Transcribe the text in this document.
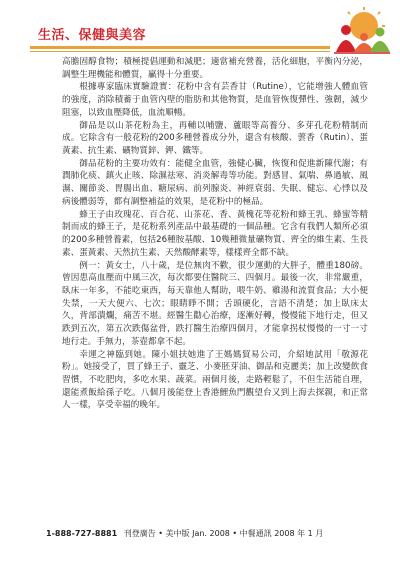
生活、保健與美容

高膽固醇食物；積極提倡運動和減肥；適當補充營養，活化細胞，平衡內分泌，調整生理機能和體質，贏得十分重要。

根據專家臨床實驗證實：花粉中含有芸香甘（Rutine），它能增強人體血管的強度，消除積蓄于血管內壁的脂肪和其他物質，是血管恢復彈性、強韌，減少阻塞，以致血壓降低，血流順暢。

御品是以山茶花粉為主，再輔以哺鹽、蘆眼等高養分、多芽孔花粉精制而成。它除含有一般花粉的200多種營養成分外，還含有核酸、蕓香（Rutin）、蛋黃素、抗生素、礦物質鋅、鉀、鐵等。

御品花粉的主要功效有：能健全血管，強健心臟，恢復和促進新陳代謝；有潤肺化痰、鎮火止咳、除濕祛寒、消炎解毒等功能。對感冒、氣喘、鼻過敏、風濕、關節炎、胃腸出血、糖尿病、前列腺炎、神經衰弱、失眠、健忘、心悸以及病後體弱等，都有調整補益的效果，是花粉中的極品。

蜂王子由玫瑰花、百合花、山茶花、香、黃槐花等花粉和蜂王乳、蜂蜜等精制而成的蜂王子，是花粉系列產品中最基礎的一個品種。它含有我們人類所必須的200多種營養素，包括26種胺基酸、10幾種微量礦物質、齊全的維生素、生長素、蛋黃素、天然抗生素、天然酸酵素等，樣樣齊全都不缺。

例一：黃女士，八十歲，是位無肉不歡，很少運動的大胖子，體重180磅。曾因患高血壓而中風三次，每次都要住醫院三、四個月。最後一次，非常嚴重，臥床一年多，不能吃東西，每天靠他人幫助，喂牛奶、雞湯和流質食品；大小便失禁，一天大便六、七次；眼睛睜不開；舌頭硬化，言語不清楚；加上臥床太久，背部潰爛，痛苦不堪。經醫生勸心治療，逐漸好轉，慢慢能下地行走，但又跌到五次，第五次跌傷盆骨，跌打醫生治療四個月，才能拿拐杖慢慢的一寸一寸地行走。手無力，茶壺都拿不起。

幸運之神臨到她。陳小姐扶她進了王媽媽貿易公司，介紹她試用「敬源花粉」。她接受了，買了蜂王子、靈芝、小麥胚芽油、御品和克麗美；加上改變飲食習慣，不吃肥肉，多吃水果、蔬菜。兩個月後，走路輕鬆了，不但生活能自理，還能煮飯給孫子吃。八個月後能登上香港鯉魚門觀望台又到上海去探親，和正常人一樣，享受幸福的晚年。

1-888-727-8881 刊登廣告 • 美中版 Jan. 2008 • 中餐通訊 2008 年 1 月
